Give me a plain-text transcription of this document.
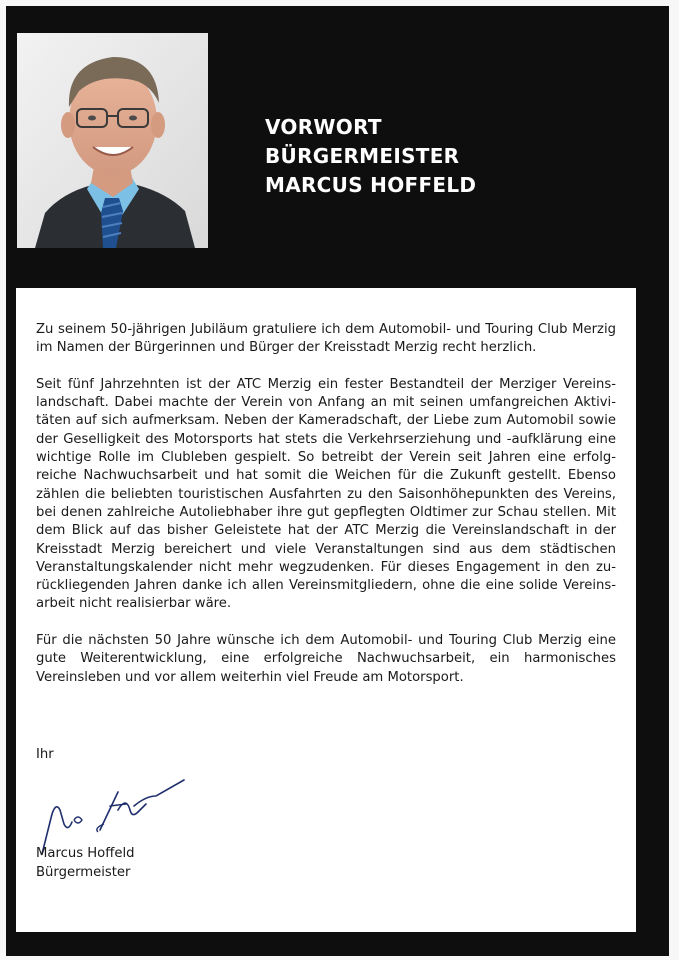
VORWORT
BÜRGERMEISTER
MARCUS HOFFELD

Zu seinem 50-jährigen Jubiläum gratuliere ich dem Automobil- und Touring Club Merzig im Namen der Bürgerinnen und Bürger der Kreisstadt Merzig recht herzlich.

Seit fünf Jahrzehnten ist der ATC Merzig ein fester Bestandteil der Merziger Vereinslandschaft. Dabei machte der Verein von Anfang an mit seinen umfangreichen Aktivitäten auf sich aufmerksam. Neben der Kameradschaft, der Liebe zum Automobil sowie der Geselligkeit des Motorsports hat stets die Verkehrserziehung und -aufklärung eine wichtige Rolle im Clubleben gespielt. So betreibt der Verein seit Jahren eine erfolgreiche Nachwuchsarbeit und hat somit die Weichen für die Zukunft gestellt. Ebenso zählen die beliebten touristischen Ausfahrten zu den Saisonhöhepunkten des Vereins, bei denen zahlreiche Autoliebhaber ihre gut gepflegten Oldtimer zur Schau stellen. Mit dem Blick auf das bisher Geleistete hat der ATC Merzig die Vereinslandschaft in der Kreisstadt Merzig bereichert und viele Veranstaltungen sind aus dem städtischen Veranstaltungskalender nicht mehr wegzudenken. Für dieses Engagement in den zurückliegenden Jahren danke ich allen Vereinsmitgliedern, ohne die eine solide Vereinsarbeit nicht realisierbar wäre.

Für die nächsten 50 Jahre wünsche ich dem Automobil- und Touring Club Merzig eine gute Weiterentwicklung, eine erfolgreiche Nachwuchsarbeit, ein harmonisches Vereinsleben und vor allem weiterhin viel Freude am Motorsport.

Ihr
Marcus Hoffeld
Bürgermeister
